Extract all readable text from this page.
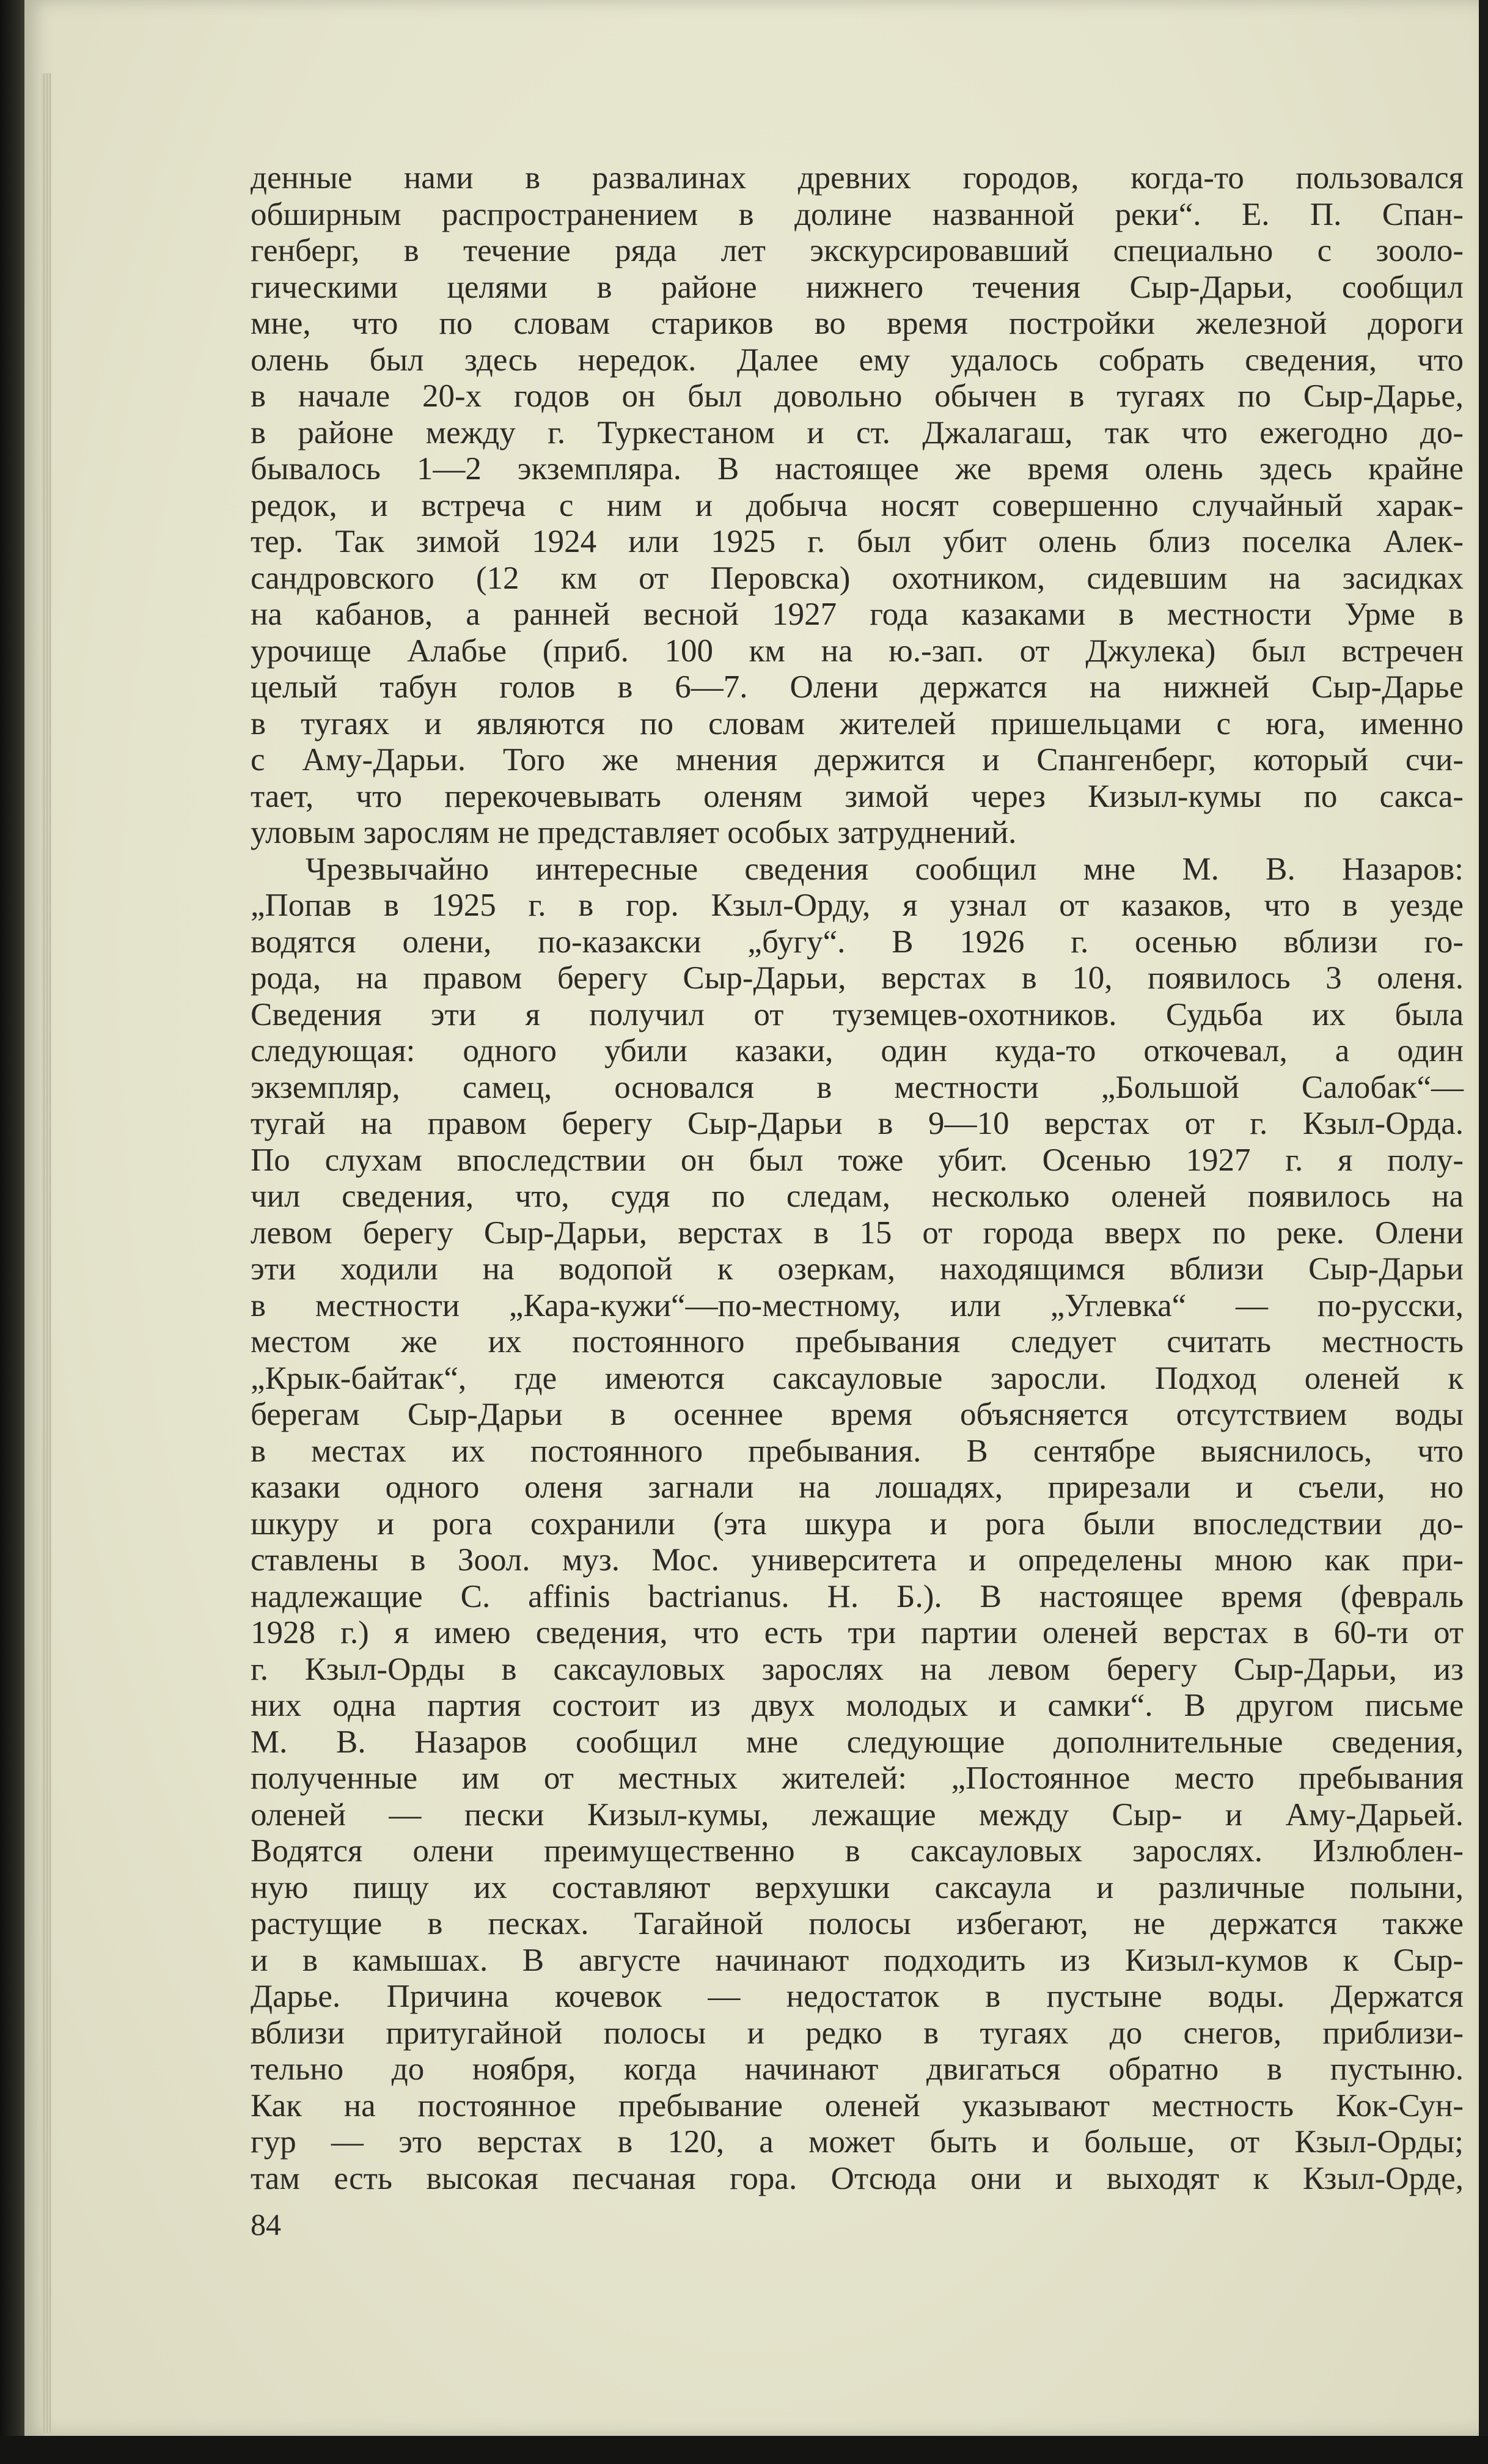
денные нами в развалинах древних городов, когда-то пользовался
обширным распространением в долине названной реки“. Е. П. Спан-
генберг, в течение ряда лет экскурсировавший специально с зооло-
гическими целями в районе нижнего течения Сыр-Дарьи, сообщил
мне, что по словам стариков во время постройки железной дороги
олень был здесь нередок. Далее ему удалось собрать сведения, что
в начале 20-х годов он был довольно обычен в тугаях по Сыр-Дарье,
в районе между г. Туркестаном и ст. Джалагаш, так что ежегодно до-
бывалось 1—2 экземпляра. В настоящее же время олень здесь крайне
редок, и встреча с ним и добыча носят совершенно случайный харак-
тер. Так зимой 1924 или 1925 г. был убит олень близ поселка Алек-
сандровского (12 км от Перовска) охотником, сидевшим на засидках
на кабанов, а ранней весной 1927 года казаками в местности Урме в
урочище Алабье (приб. 100 км на ю.-зап. от Джулека) был встречен
целый табун голов в 6—7. Олени держатся на нижней Сыр-Дарье
в тугаях и являются по словам жителей пришельцами с юга, именно
с Аму-Дарьи. Того же мнения держится и Спангенберг, который счи-
тает, что перекочевывать оленям зимой через Кизыл-кумы по сакса-
уловым зарослям не представляет особых затруднений.
Чрезвычайно интересные сведения сообщил мне М. В. Назаров:
„Попав в 1925 г. в гор. Кзыл-Орду, я узнал от казаков, что в уезде
водятся олени, по-казакски „бугу“. В 1926 г. осенью вблизи го-
рода, на правом берегу Сыр-Дарьи, верстах в 10, появилось 3 оленя.
Сведения эти я получил от туземцев-охотников. Судьба их была
следующая: одного убили казаки, один куда-то откочевал, а один
экземпляр, самец, основался в местности „Большой Салобак“—
тугай на правом берегу Сыр-Дарьи в 9—10 верстах от г. Кзыл-Орда.
По слухам впоследствии он был тоже убит. Осенью 1927 г. я полу-
чил сведения, что, судя по следам, несколько оленей появилось на
левом берегу Сыр-Дарьи, верстах в 15 от города вверх по реке. Олени
эти ходили на водопой к озеркам, находящимся вблизи Сыр-Дарьи
в местности „Кара-кужи“—по-местному, или „Углевка“ — по-русски,
местом же их постоянного пребывания следует считать местность
„Крык-байтак“, где имеются саксауловые заросли. Подход оленей к
берегам Сыр-Дарьи в осеннее время объясняется отсутствием воды
в местах их постоянного пребывания. В сентябре выяснилось, что
казаки одного оленя загнали на лошадях, прирезали и съели, но
шкуру и рога сохранили (эта шкура и рога были впоследствии до-
ставлены в Зоол. муз. Мос. университета и определены мною как при-
надлежащие C. affinis bactrianus. Н. Б.). В настоящее время (февраль
1928 г.) я имею сведения, что есть три партии оленей верстах в 60-ти от
г. Кзыл-Орды в саксауловых зарослях на левом берегу Сыр-Дарьи, из
них одна партия состоит из двух молодых и самки“. В другом письме
М. В. Назаров сообщил мне следующие дополнительные сведения,
полученные им от местных жителей: „Постоянное место пребывания
оленей — пески Кизыл-кумы, лежащие между Сыр- и Аму-Дарьей.
Водятся олени преимущественно в саксауловых зарослях. Излюблен-
ную пищу их составляют верхушки саксаула и различные полыни,
растущие в песках. Тагайной полосы избегают, не держатся также
и в камышах. В августе начинают подходить из Кизыл-кумов к Сыр-
Дарье. Причина кочевок — недостаток в пустыне воды. Держатся
вблизи притугайной полосы и редко в тугаях до снегов, приблизи-
тельно до ноября, когда начинают двигаться обратно в пустыню.
Как на постоянное пребывание оленей указывают местность Кок-Сун-
гур — это верстах в 120, а может быть и больше, от Кзыл-Орды;
там есть высокая песчаная гора. Отсюда они и выходят к Кзыл-Орде,
84
